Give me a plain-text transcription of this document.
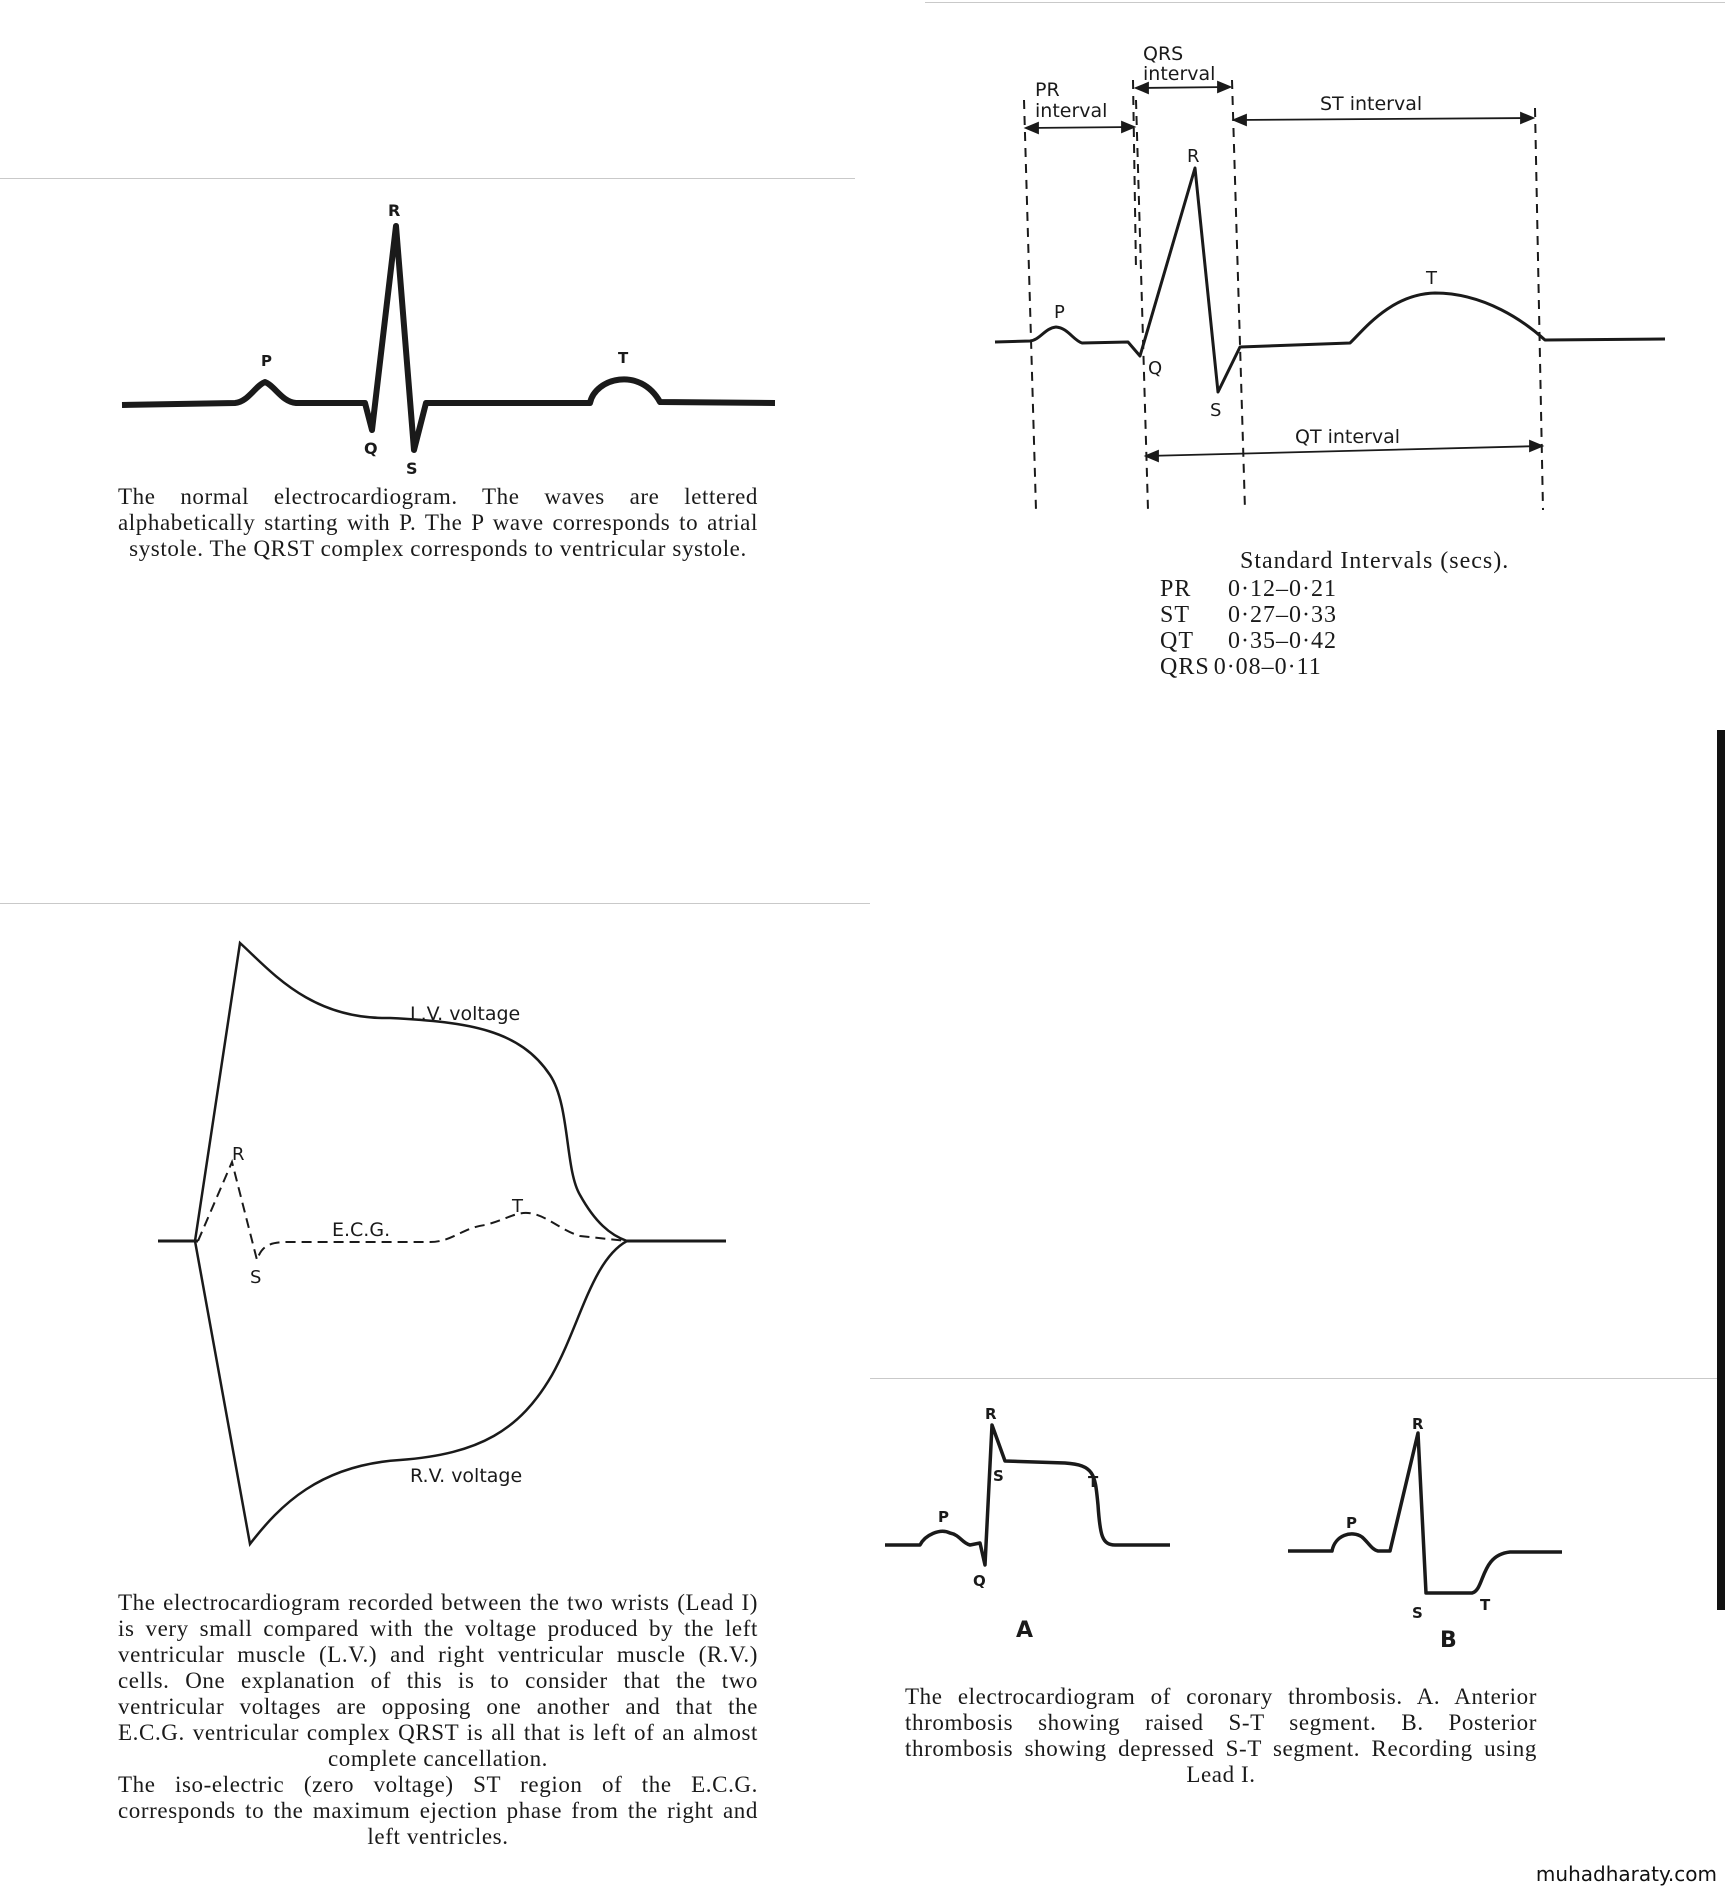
R
P	T
Q
S
The normal electrocardiogram. The waves are lettered alphabetically starting with P. The P wave corresponds to atrial systole. The QRST complex corresponds to ventricular systole.
PR
interval
QRS
interval
ST interval
QT interval
R
P
T
Q
S
Standard Intervals (secs).
PR 0·12–0·21
ST 0·27–0·33
QT 0·35–0·42
QRS 0·08–0·11
L.V. voltage
R.V. voltage
E.C.G.
R
S
T

The electrocardiogram recorded between the two wrists (Lead I) is very small compared with the voltage produced by the left ventricular muscle (L.V.) and right ventricular muscle (R.V.) cells. One explanation of this is to consider that the two ventricular voltages are opposing one another and that the E.C.G. ventricular complex QRST is all that is left of an almost complete cancellation.

The iso-electric (zero voltage) ST region of the E.C.G. corresponds to the maximum ejection phase from the right and left ventricles.

R
S	T
P
Q
A
R
P
S	T
B
The electrocardiogram of coronary thrombosis. A. Anterior thrombosis showing raised S-T segment. B. Posterior thrombosis showing depressed S-T segment. Recording using Lead I.
muhadharaty.com
